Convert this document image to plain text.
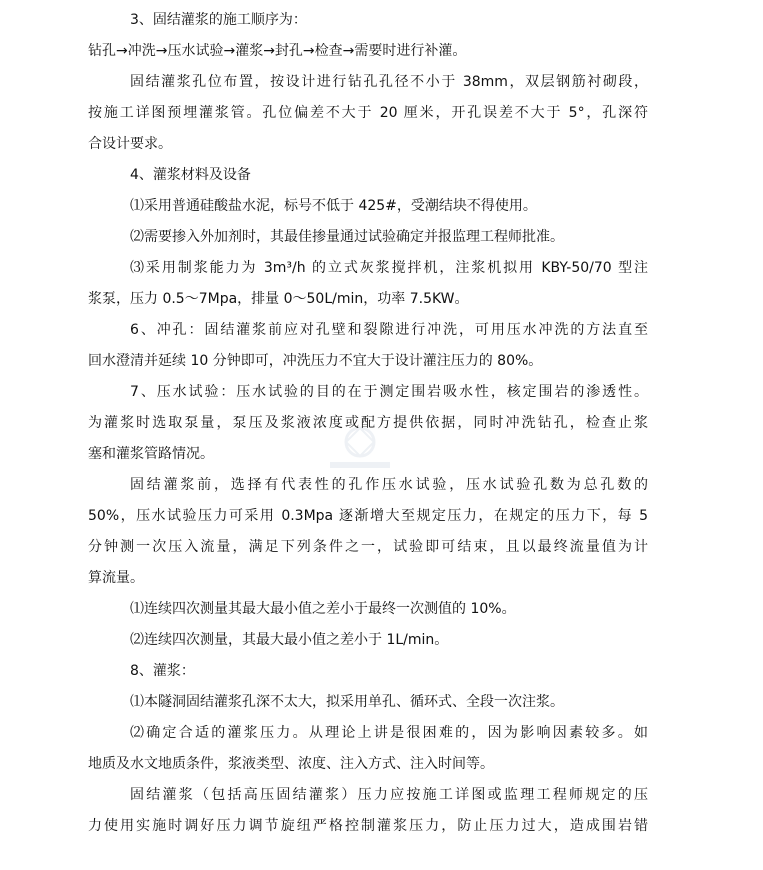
3、固结灌浆的施工顺序为：
钻孔→冲洗→压水试验→灌浆→封孔→检查→需要时进行补灌。
固结灌浆孔位布置，按设计进行钻孔孔径不小于 38mm，双层钢筋衬砌段，
按施工详图预埋灌浆管。孔位偏差不大于 20 厘米，开孔误差不大于 5°，孔深符
合设计要求。
4、灌浆材料及设备
⑴采用普通硅酸盐水泥，标号不低于 425#，受潮结块不得使用。
⑵需要掺入外加剂时，其最佳掺量通过试验确定并报监理工程师批准。
⑶采用制浆能力为 3m³/h 的立式灰浆搅拌机，注浆机拟用 KBY-50/70 型注
浆泵，压力 0.5～7Mpa，排量 0～50L/min，功率 7.5KW。
6、冲孔：固结灌浆前应对孔壁和裂隙进行冲洗，可用压水冲洗的方法直至
回水澄清并延续 10 分钟即可，冲洗压力不宜大于设计灌注压力的 80%。
7、压水试验：压水试验的目的在于测定围岩吸水性，核定围岩的渗透性。
为灌浆时选取泵量，泵压及浆液浓度或配方提供依据，同时冲洗钻孔，检查止浆
塞和灌浆管路情况。
固结灌浆前，选择有代表性的孔作压水试验，压水试验孔数为总孔数的
50%，压水试验压力可采用 0.3Mpa 逐渐增大至规定压力，在规定的压力下，每 5
分钟测一次压入流量，满足下列条件之一，试验即可结束，且以最终流量值为计
算流量。
⑴连续四次测量其最大最小值之差小于最终一次测值的 10%。
⑵连续四次测量，其最大最小值之差小于 1L/min。
8、灌浆：
⑴本隧洞固结灌浆孔深不太大，拟采用单孔、循环式、全段一次注浆。
⑵确定合适的灌浆压力。从理论上讲是很困难的，因为影响因素较多。如
地质及水文地质条件，浆液类型、浓度、注入方式、注入时间等。
固结灌浆（包括高压固结灌浆）压力应按施工详图或监理工程师规定的压
力使用实施时调好压力调节旋纽严格控制灌浆压力，防止压力过大，造成围岩错
